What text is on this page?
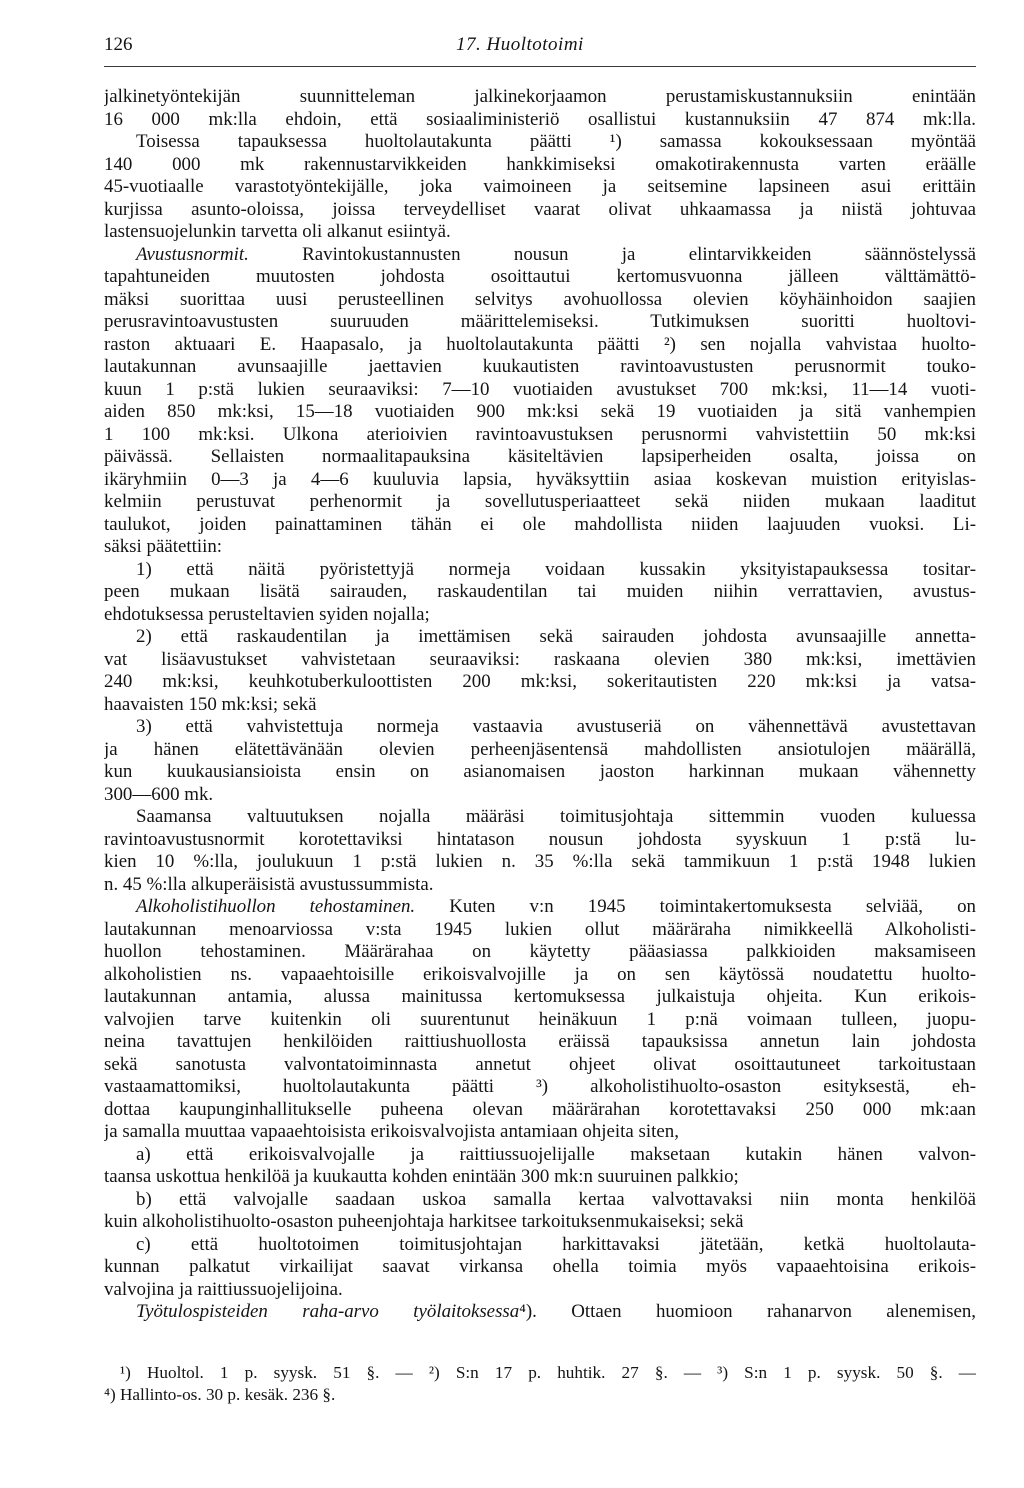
126	17. Huoltotoimi
jalkinetyöntekijän suunnitteleman jalkinekorjaamon perustamiskustannuksiin enintään
16 000 mk:lla ehdoin, että sosiaaliministeriö osallistui kustannuksiin 47 874 mk:lla.
Toisessa tapauksessa huoltolautakunta päätti ¹) samassa kokouksessaan myöntää
140 000 mk rakennustarvikkeiden hankkimiseksi omakotirakennusta varten eräälle
45-vuotiaalle varastotyöntekijälle, joka vaimoineen ja seitsemine lapsineen asui erittäin
kurjissa asunto-oloissa, joissa terveydelliset vaarat olivat uhkaamassa ja niistä johtuvaa
lastensuojelunkin tarvetta oli alkanut esiintyä.
Avustusnormit.	Ravintokustannusten nousun ja elintarvikkeiden säännöstelyssä
tapahtuneiden muutosten johdosta osoittautui kertomusvuonna jälleen välttämättö-
mäksi suorittaa uusi perusteellinen selvitys avohuollossa olevien köyhäinhoidon saajien
perusravintoavustusten suuruuden määrittelemiseksi. Tutkimuksen suoritti huoltovi-
raston aktuaari E. Haapasalo, ja huoltolautakunta päätti ²) sen nojalla vahvistaa huolto-
lautakunnan avunsaajille jaettavien kuukautisten ravintoavustusten perusnormit touko-
kuun 1 p:stä lukien seuraaviksi: 7—10 vuotiaiden avustukset 700 mk:ksi, 11—14 vuoti-
aiden 850 mk:ksi, 15—18 vuotiaiden 900 mk:ksi sekä 19 vuotiaiden ja sitä vanhempien
1 100 mk:ksi. Ulkona aterioivien ravintoavustuksen perusnormi vahvistettiin 50 mk:ksi
päivässä. Sellaisten normaalitapauksina käsiteltävien lapsiperheiden osalta, joissa on
ikäryhmiin 0—3 ja 4—6 kuuluvia lapsia, hyväksyttiin asiaa koskevan muistion erityislas-
kelmiin perustuvat perhenormit ja sovellutusperiaatteet sekä niiden mukaan laaditut
taulukot, joiden painattaminen tähän ei ole mahdollista niiden laajuuden vuoksi. Li-
säksi päätettiin:
1) että näitä pyöristettyjä normeja voidaan kussakin yksityistapauksessa tositar-
peen mukaan lisätä sairauden, raskaudentilan tai muiden niihin verrattavien, avustus-
ehdotuksessa perusteltavien syiden nojalla;
2) että raskaudentilan ja imettämisen sekä sairauden johdosta avunsaajille annetta-
vat lisäavustukset vahvistetaan seuraaviksi: raskaana olevien 380 mk:ksi, imettävien
240 mk:ksi, keuhkotuberkuloottisten 200 mk:ksi, sokeritautisten 220 mk:ksi ja vatsa-
haavaisten 150 mk:ksi; sekä
3) että vahvistettuja normeja vastaavia avustuseriä on vähennettävä avustettavan
ja hänen elätettävänään olevien perheenjäsentensä mahdollisten ansiotulojen määrällä,
kun kuukausiansioista ensin on asianomaisen jaoston harkinnan mukaan vähennetty
300—600 mk.
Saamansa valtuutuksen nojalla määräsi toimitusjohtaja sittemmin vuoden kuluessa
ravintoavustusnormit korotettaviksi hintatason nousun johdosta syyskuun 1 p:stä lu-
kien 10 %:lla, joulukuun 1 p:stä lukien n. 35 %:lla sekä tammikuun 1 p:stä 1948 lukien
n. 45 %:lla alkuperäisistä avustussummista.
Alkoholistihuollon tehostaminen. Kuten v:n 1945 toimintakertomuksesta selviää, on
lautakunnan menoarviossa v:sta 1945 lukien ollut määräraha nimikkeellä Alkoholisti-
huollon tehostaminen. Määrärahaa on käytetty pääasiassa palkkioiden maksamiseen
alkoholistien ns. vapaaehtoisille erikoisvalvojille ja on sen käytössä noudatettu huolto-
lautakunnan antamia, alussa mainitussa kertomuksessa julkaistuja ohjeita. Kun erikois-
valvojien tarve kuitenkin oli suurentunut heinäkuun 1 p:nä voimaan tulleen, juopu-
neina tavattujen henkilöiden raittiushuollosta eräissä tapauksissa annetun lain johdosta
sekä sanotusta valvontatoiminnasta annetut ohjeet olivat osoittautuneet tarkoitustaan
vastaamattomiksi, huoltolautakunta päätti ³) alkoholistihuolto-osaston esityksestä, eh-
dottaa kaupunginhallitukselle puheena olevan määrärahan korotettavaksi 250 000 mk:aan
ja samalla muuttaa vapaaehtoisista erikoisvalvojista antamiaan ohjeita siten,
a) että erikoisvalvojalle ja raittiussuojelijalle maksetaan kutakin hänen valvon-
taansa uskottua henkilöä ja kuukautta kohden enintään 300 mk:n suuruinen palkkio;
b) että valvojalle saadaan uskoa samalla kertaa valvottavaksi niin monta henkilöä
kuin alkoholistihuolto-osaston puheenjohtaja harkitsee tarkoituksenmukaiseksi; sekä
c) että huoltotoimen toimitusjohtajan harkittavaksi jätetään, ketkä huoltolauta-
kunnan palkatut virkailijat saavat virkansa ohella toimia myös vapaaehtoisina erikois-
valvojina ja raittiussuojelijoina.
Työtulospisteiden raha-arvo työlaitoksessa⁴). Ottaen huomioon rahanarvon alenemisen,
¹) Huoltol. 1 p. syysk. 51 §. — ²) S:n 17 p. huhtik. 27 §. — ³) S:n 1 p. syysk. 50 §. —
⁴) Hallinto-os. 30 p. kesäk. 236 §.
